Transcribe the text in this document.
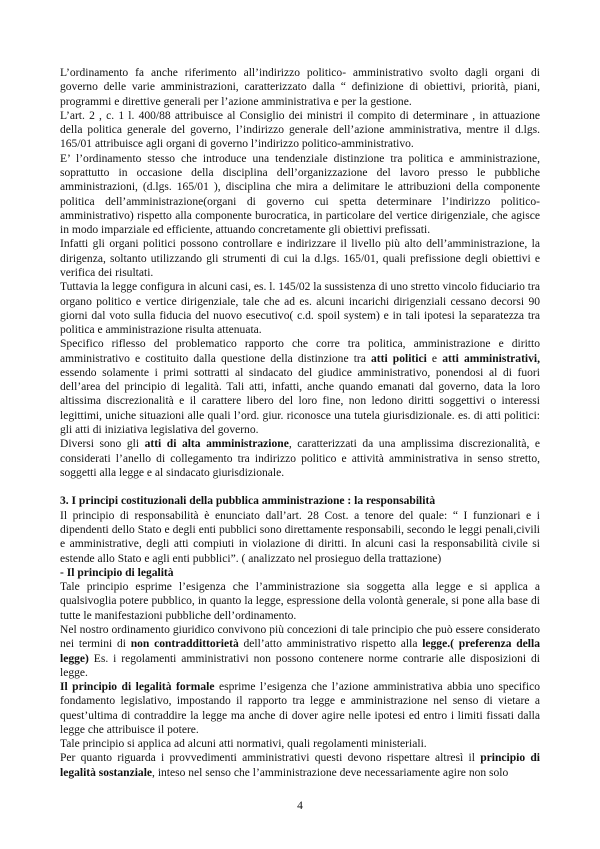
L’ordinamento fa anche riferimento all’indirizzo politico- amministrativo svolto dagli organi di governo delle varie amministrazioni, caratterizzato dalla “ definizione di obiettivi, priorità, piani, programmi e direttive generali per l’azione amministrativa e per la gestione.

L’art. 2 , c. 1 l. 400/88 attribuisce al Consiglio dei ministri il compito di determinare , in attuazione della politica generale del governo, l’indirizzo generale dell’azione amministrativa, mentre il d.lgs. 165/01 attribuisce agli organi di governo l’indirizzo politico-amministrativo.

E’ l’ordinamento stesso che introduce una tendenziale distinzione tra politica e amministrazione, soprattutto in occasione della disciplina dell’organizzazione del lavoro presso le pubbliche amministrazioni, (d.lgs. 165/01 ), disciplina che mira a delimitare le attribuzioni della componente politica dell’amministrazione(organi di governo cui spetta determinare l’indirizzo politico-amministrativo) rispetto alla componente burocratica, in particolare del vertice dirigenziale, che agisce in modo imparziale ed efficiente, attuando concretamente gli obiettivi prefissati.

Infatti gli organi politici possono controllare e indirizzare il livello più alto dell’amministrazione, la dirigenza, soltanto utilizzando gli strumenti di cui la d.lgs. 165/01, quali prefissione degli obiettivi e verifica dei risultati.

Tuttavia la legge configura in alcuni casi, es. l. 145/02 la sussistenza di uno stretto vincolo fiduciario tra organo politico e vertice dirigenziale, tale che ad es. alcuni incarichi dirigenziali cessano decorsi 90 giorni dal voto sulla fiducia del nuovo esecutivo( c.d. spoil system) e in tali ipotesi la separatezza tra politica e amministrazione risulta attenuata.

Specifico riflesso del problematico rapporto che corre tra politica, amministrazione e diritto amministrativo e costituito dalla questione della distinzione tra atti politici e atti amministrativi, essendo solamente i primi sottratti al sindacato del giudice amministrativo, ponendosi al di fuori dell’area del principio di legalità. Tali atti, infatti, anche quando emanati dal governo, data la loro altissima discrezionalità e il carattere libero del loro fine, non ledono diritti soggettivi o interessi legittimi, uniche situazioni alle quali l’ord. giur. riconosce una tutela giurisdizionale. es. di atti politici: gli atti di iniziativa legislativa del governo.

Diversi sono gli atti di alta amministrazione, caratterizzati da una amplissima discrezionalità, e considerati l’anello di collegamento tra indirizzo politico e attività amministrativa in senso stretto, soggetti alla legge e al sindacato giurisdizionale.

3. I principi costituzionali della pubblica amministrazione : la responsabilità

Il principio di responsabilità è enunciato dall’art. 28 Cost. a tenore del quale: “ I funzionari e i dipendenti dello Stato e degli enti pubblici sono direttamente responsabili, secondo le leggi penali,civili e amministrative, degli atti compiuti in violazione di diritti. In alcuni casi la responsabilità civile si estende allo Stato e agli enti pubblici”. ( analizzato nel prosieguo della trattazione)

- Il principio di legalità

Tale principio esprime l’esigenza che l’amministrazione sia soggetta alla legge e si applica a qualsivoglia potere pubblico, in quanto la legge, espressione della volontà generale, si pone alla base di tutte le manifestazioni pubbliche dell’ordinamento.

Nel nostro ordinamento giuridico convivono più concezioni di tale principio che può essere considerato nei termini di non contraddittorietà dell’atto amministrativo rispetto alla legge.( preferenza della legge) Es. i regolamenti amministrativi non possono contenere norme contrarie alle disposizioni di legge.

Il principio di legalità formale esprime l’esigenza che l’azione amministrativa abbia uno specifico fondamento legislativo, impostando il rapporto tra legge e amministrazione nel senso di vietare a quest’ultima di contraddire la legge ma anche di dover agire nelle ipotesi ed entro i limiti fissati dalla legge che attribuisce il potere.

Tale principio si applica ad alcuni atti normativi, quali regolamenti ministeriali.

Per quanto riguarda i provvedimenti amministrativi questi devono rispettare altresì il principio di legalità sostanziale, inteso nel senso che l’amministrazione deve necessariamente agire non solo

4
